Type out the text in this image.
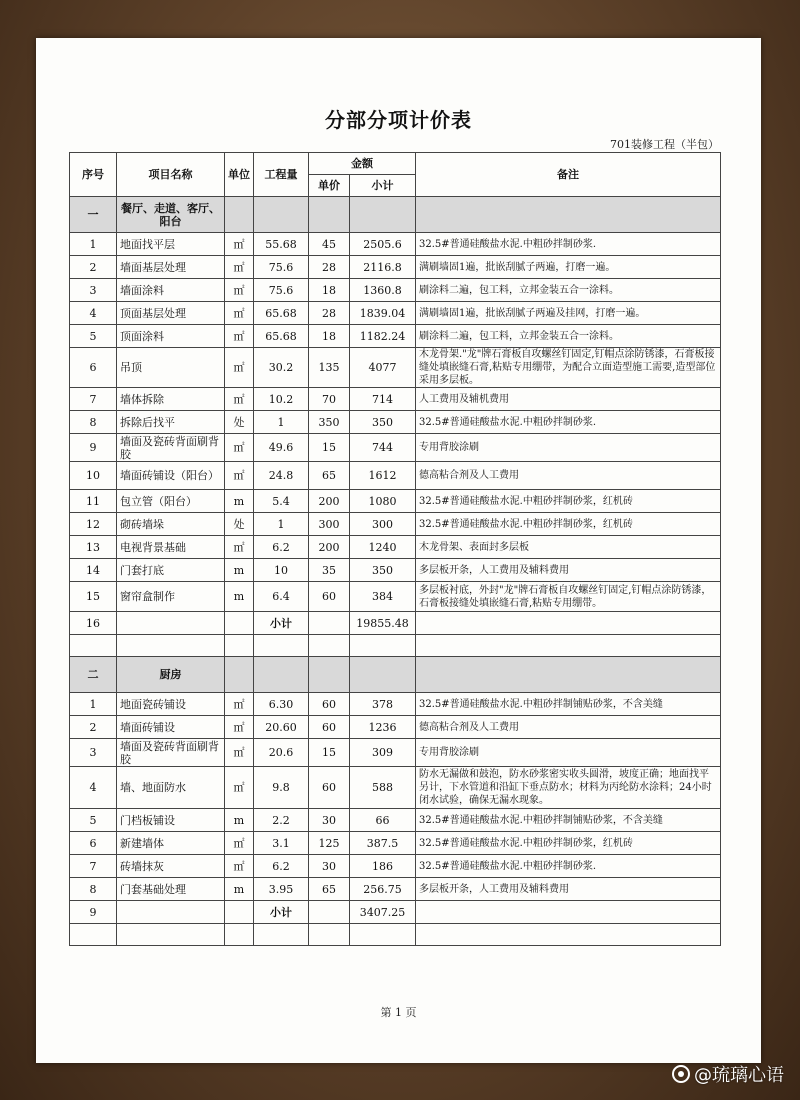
分部分项计价表
701装修工程（半包）
序号	项目名称	单位	工程量	金额		备注
				单价	小计	
一	餐厅、走道、客厅、阳台					
1	地面找平层	㎡	55.68	45	2505.6	32.5#普通硅酸盐水泥.中粗砂拌制砂浆.
2	墙面基层处理	㎡	75.6	28	2116.8	满刷墙固1遍，批嵌刮腻子两遍，打磨一遍。
3	墙面涂料	㎡	75.6	18	1360.8	刷涂料二遍，包工料，立邦金装五合一涂料。
4	顶面基层处理	㎡	65.68	28	1839.04	满刷墙固1遍，批嵌刮腻子两遍及挂网，打磨一遍。
5	顶面涂料	㎡	65.68	18	1182.24	刷涂料二遍，包工料，立邦金装五合一涂料。
6	吊顶	㎡	30.2	135	4077	木龙骨架."龙"牌石膏板自攻螺丝钉固定,钉帽点涂防锈漆，石膏板接缝处填嵌缝石膏,粘贴专用绷带，为配合立面造型施工需要,造型部位采用多层板。
7	墙体拆除	㎡	10.2	70	714	人工费用及辅机费用
8	拆除后找平	处	1	350	350	32.5#普通硅酸盐水泥.中粗砂拌制砂浆.
9	墙面及瓷砖背面刷背胶	㎡	49.6	15	744	专用背胶涂刷
10	墙面砖铺设（阳台）	㎡	24.8	65	1612	德高粘合剂及人工费用
11	包立管（阳台）	m	5.4	200	1080	32.5#普通硅酸盐水泥.中粗砂拌制砂浆，红机砖
12	砌砖墙垛	处	1	300	300	32.5#普通硅酸盐水泥.中粗砂拌制砂浆，红机砖
13	电视背景基础	㎡	6.2	200	1240	木龙骨架、表面封多层板
14	门套打底	m	10	35	350	多层板开条，人工费用及辅料费用
15	窗帘盒制作	m	6.4	60	384	多层板衬底，外封"龙"牌石膏板自攻螺丝钉固定,钉帽点涂防锈漆，石膏板接缝处填嵌缝石膏,粘贴专用绷带。
16			小计		19855.48	

二	厨房					
1	地面瓷砖铺设	㎡	6.30	60	378	32.5#普通硅酸盐水泥.中粗砂拌制铺贴砂浆，不含美缝
2	墙面砖铺设	㎡	20.60	60	1236	德高粘合剂及人工费用
3	墙面及瓷砖背面刷背胶	㎡	20.6	15	309	专用背胶涂刷
4	墙、地面防水	㎡	9.8	60	588	防水无漏做和鼓泡，防水砂浆密实收头圆滑，坡度正确；地面找平另计，下水管道和沿缸下垂点防水；材料为丙纶防水涂料；24小时闭水试验，确保无漏水现象。
5	门档板铺设	m	2.2	30	66	32.5#普通硅酸盐水泥.中粗砂拌制铺贴砂浆，不含美缝
6	新建墙体	㎡	3.1	125	387.5	32.5#普通硅酸盐水泥.中粗砂拌制砂浆，红机砖
7	砖墙抹灰	㎡	6.2	30	186	32.5#普通硅酸盐水泥.中粗砂拌制砂浆.
8	门套基础处理	m	3.95	65	256.75	多层板开条，人工费用及辅料费用
9			小计		3407.25	

第 1 页
@琉璃心语
